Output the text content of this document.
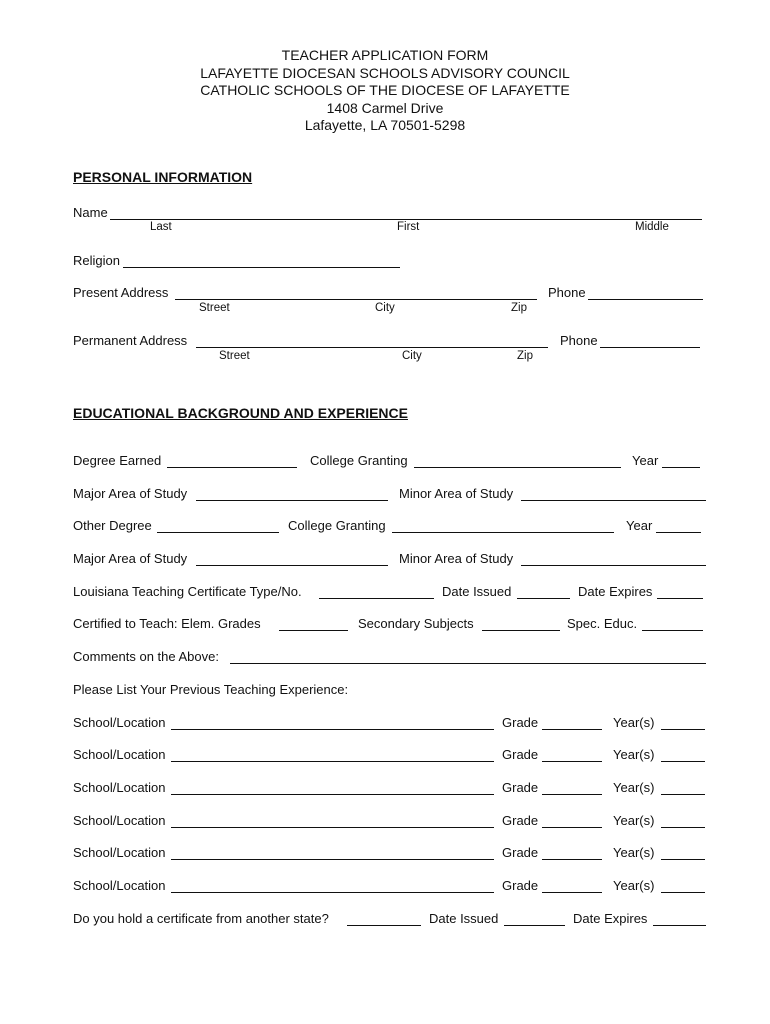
TEACHER APPLICATION FORM
LAFAYETTE DIOCESAN SCHOOLS ADVISORY COUNCIL
CATHOLIC SCHOOLS OF THE DIOCESE OF LAFAYETTE
1408 Carmel Drive
Lafayette, LA 70501-5298
PERSONAL INFORMATION
Name
Last	First	Middle
Religion
Present Address	Phone
Street	City	Zip
Permanent Address	Phone
Street	City	Zip
EDUCATIONAL BACKGROUND AND EXPERIENCE
Degree Earned	College Granting	Year
Major Area of Study	Minor Area of Study
Other Degree	College Granting	Year
Major Area of Study	Minor Area of Study
Louisiana Teaching Certificate Type/No.	Date Issued	Date Expires
Certified to Teach: Elem. Grades	Secondary Subjects	Spec. Educ.
Comments on the Above:
Please List Your Previous Teaching Experience:
School/Location	Grade	Year(s)
School/Location	Grade	Year(s)
School/Location	Grade	Year(s)
School/Location	Grade	Year(s)
School/Location	Grade	Year(s)
School/Location	Grade	Year(s)
Do you hold a certificate from another state?	Date Issued	Date Expires
